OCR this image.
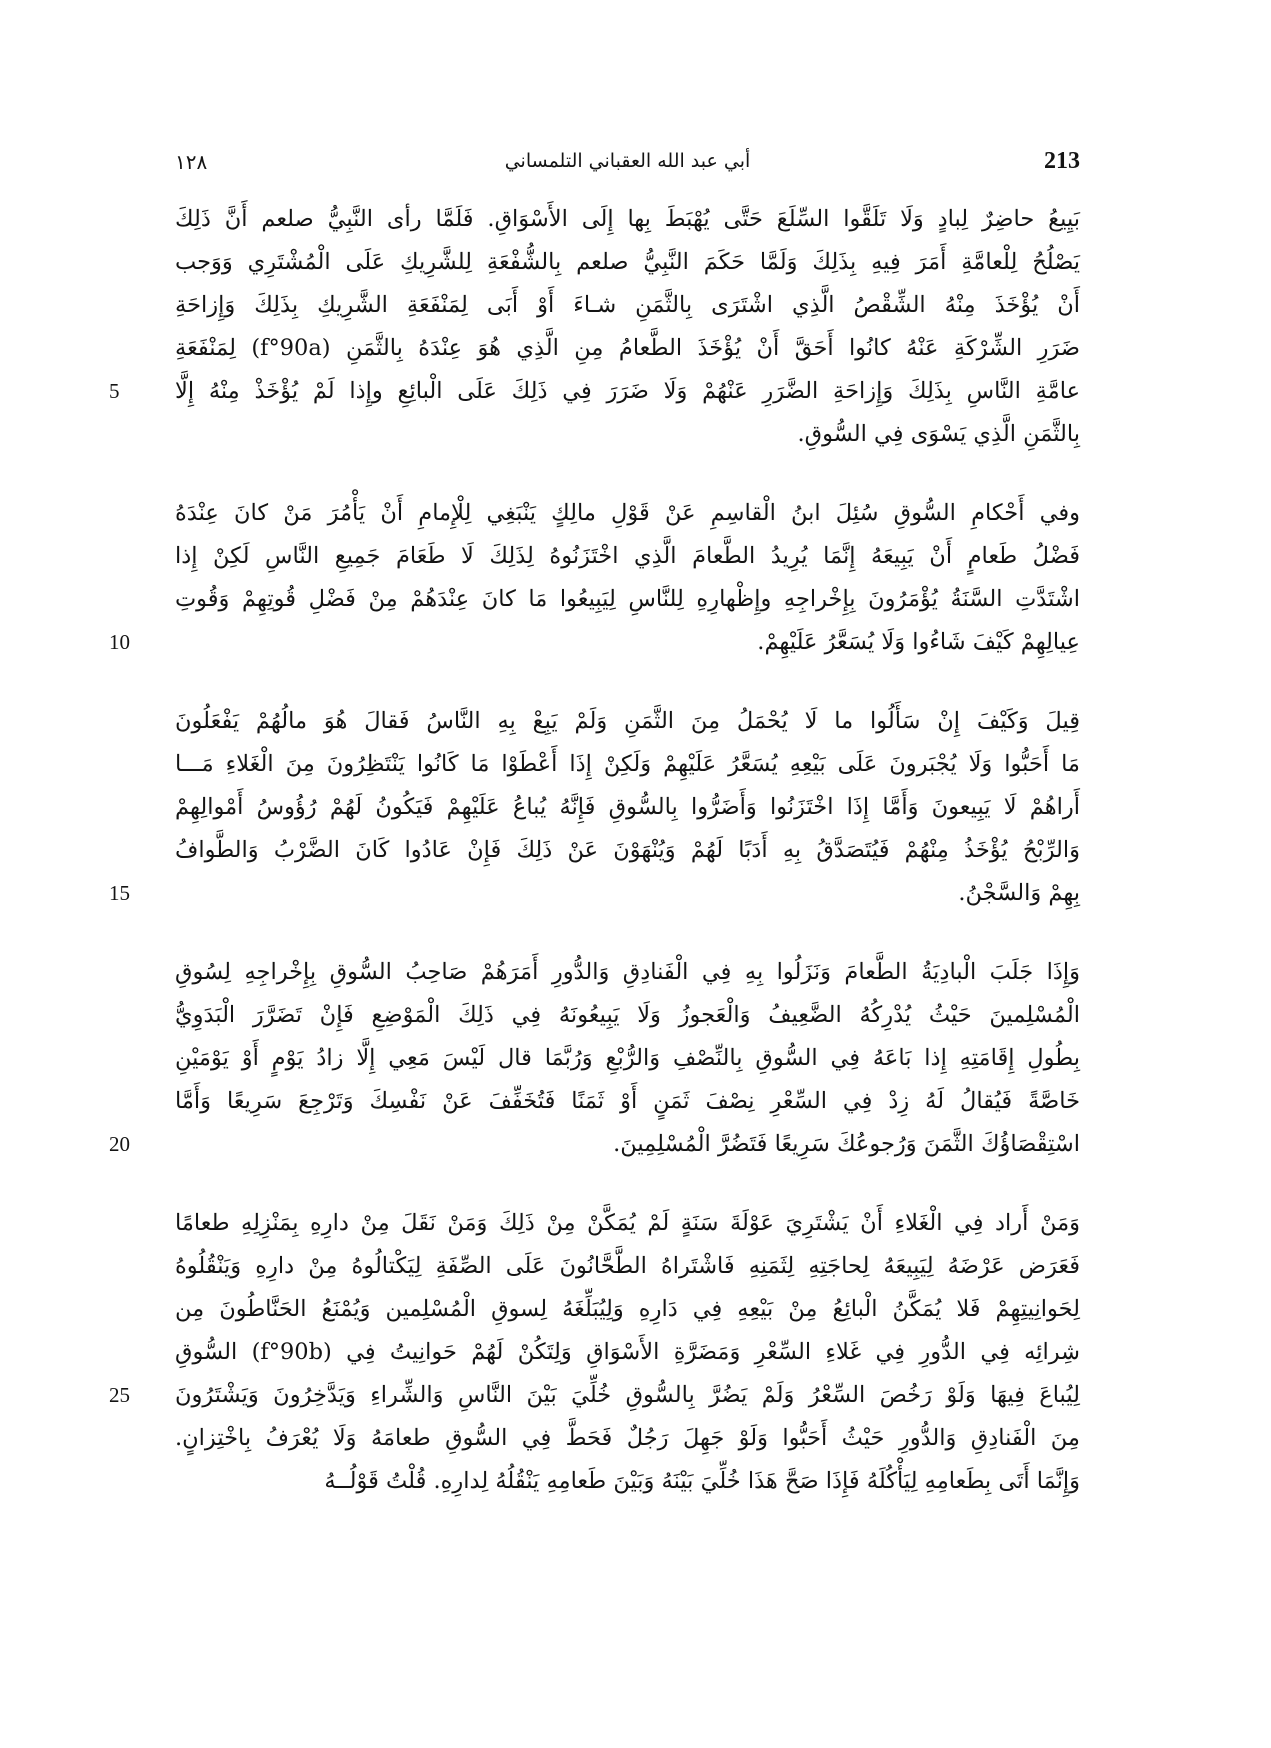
213
أبي عبد الله العقباني التلمساني
١٢٨
بَيِيعُ حاضِرٌ لِبادٍ وَلَا تَلَقَّوا السِّلَعَ حَتَّى يُهْبَطَ بِها إِلَى الأَسْوَاقِ. فَلَمَّا رأى النَّبِيُّ صلعم أَنَّ ذَلِكَ
يَصْلُحُ لِلْعامَّةِ أَمَرَ فِيهِ بِذَلِكَ وَلَمَّا حَكَمَ النَّبِيُّ صلعم بِالشُّفْعَةِ لِلشَّرِيكِ عَلَى الْمُشْتَرِي وَوَجب
أَنْ يُؤْخَذَ مِنْهُ الشِّقْصُ الَّذِي اشْتَرَى بِالثَّمَنِ شـاءَ أَوْ أَبَى لِمَنْفَعَةِ الشَّرِيكِ بِذَلِكَ وَإِزاحَةِ
ضَرَرِ الشِّرْكَةِ عَنْهُ كانُوا أَحَقَّ أَنْ يُؤْخَذَ الطَّعامُ مِنِ الَّذِي هُوَ عِنْدَهُ بِالثَّمَنِ (f°90a) لِمَنْفَعَةِ
عامَّةِ النَّاسِ بِذَلِكَ وَإِزاحَةِ الضَّرَرِ عَنْهُمْ وَلَا ضَرَرَ فِي ذَلِكَ عَلَى الْبائِعِ وإِذا لَمْ يُؤْخَذْ مِنْهُ إِلَّا
5
بِالثَّمَنِ الَّذِي يَسْوَى فِي السُّوقِ.
وفي أَحْكامِ السُّوقِ سُئِلَ ابنُ الْقاسِمِ عَنْ قَوْلِ مالِكٍ يَنْبَغِي لِلْإِمامِ أَنْ يَأْمُرَ مَنْ كانَ عِنْدَهُ
فَضْلُ طَعامٍ أَنْ يَبِيعَهُ إِنَّمَا يُرِيدُ الطَّعامَ الَّذِي اخْتَزَنُوهُ لِذَلِكَ لَا طَعَامَ جَمِيعِ النَّاسِ لَكِنْ إِذا
اشْتَدَّتِ السَّنَةُ يُؤْمَرُونَ بِإِخْراجِهِ وإِظْهارِهِ لِلنَّاسِ لِيَبِيعُوا مَا كانَ عِنْدَهُمْ مِنْ فَضْلِ قُوتِهِمْ وَقُوتِ
عِيالِهِمْ كَيْفَ شَاءُوا وَلَا يُسَعَّرُ عَلَيْهِمْ.
10
قِيلَ وَكَيْفَ إِنْ سَأَلُوا ما لَا يُحْمَلُ مِنَ الثَّمَنِ وَلَمْ يَبِعْ بِهِ النَّاسُ فَقالَ هُوَ مالُهُمْ يَفْعَلُونَ
مَا أَحَبُّوا وَلَا يُجْبَرونَ عَلَى بَيْعِهِ يُسَعَّرُ عَلَيْهِمْ وَلَكِنْ إِذَا أَعْطَوْا مَا كَانُوا يَنْتَظِرُونَ مِنَ الْغَلاءِ مَـــا
أَراهُمْ لَا يَبِيعونَ وَأَمَّا إِذَا اخْتَزَنُوا وَأَضَرُّوا بِالسُّوقِ فَإِنَّهُ يُباعُ عَلَيْهِمْ فَيَكُونُ لَهُمْ رُؤُوسُ أَمْوالِهِمْ
وَالرِّبْحُ يُؤْخَذُ مِنْهُمْ فَيُتَصَدَّقُ بِهِ أَدَبًا لَهُمْ وَيُنْهَوْنَ عَنْ ذَلِكَ فَإِنْ عَادُوا كَانَ الضَّرْبُ وَالطَّوافُ
بِهِمْ وَالسَّجْنُ.
15
وَإِذَا جَلَبَ الْبادِيَةُ الطَّعامَ وَنَزَلُوا بِهِ فِي الْفَنادِقِ وَالدُّورِ أَمَرَهُمْ صَاحِبُ السُّوقِ بِإِخْراجِهِ لِسُوقِ
الْمُسْلِمينَ حَيْثُ يُدْرِكُهُ الضَّعِيفُ وَالْعَجوزُ وَلَا يَبِيعُونَهُ فِي ذَلِكَ الْمَوْضِعِ فَإِنْ تَضَرَّرَ الْبَدَوِيُّ
بِطُولِ إِقَامَتِهِ إِذا بَاعَهُ فِي السُّوقِ بِالنِّصْفِ وَالرُّبْعِ وَرُبَّمَا قال لَيْسَ مَعِي إِلَّا زادُ يَوْمٍ أَوْ يَوْمَيْنِ
خَاصَّةً فَيُقالُ لَهُ زِدْ فِي السِّعْرِ نِصْفَ ثَمَنٍ أَوْ ثَمَنًا فَتُخَفِّفَ عَنْ نَفْسِكَ وَتَرْجِعَ سَرِيعًا وَأَمَّا
اسْتِقْصَاؤُكَ الثَّمَنَ وَرُجوعُكَ سَرِيعًا فَتَضُرَّ الْمُسْلِمِينَ.
20
وَمَنْ أَراد فِي الْغَلاءِ أَنْ يَشْتَرِيَ عَوْلَةَ سَنَةٍ لَمْ يُمَكَّنْ مِنْ ذَلِكَ وَمَنْ نَقَلَ مِنْ دارِهِ بِمَنْزِلِهِ طعامًا
فَعَرَض عَرْضَهُ لِيَبِيعَهُ لِحاجَتِهِ لِثَمَنِهِ فَاشْتَراهُ الطَّحَّانُونَ عَلَى الصِّفَةِ لِيَكْتالُوهُ مِنْ دارِهِ وَيَنْقُلُوهُ
لِحَوانِيتِهِمْ فَلا يُمَكَّنُ الْبائِعُ مِنْ بَيْعِهِ فِي دَارِهِ وَلِيُبَلِّغَهُ لِسوقِ الْمُسْلِمين وَيُمْنَعُ الحَنَّاطُونَ مِن
شِرائِه فِي الدُّورِ فِي غَلاءِ السِّعْرِ وَمَضَرَّةِ الأَسْوَاقِ وَلِتَكُنْ لَهُمْ حَوانِيتُ فِي (f°90b) السُّوقِ
لِيُباعَ فِيهَا وَلَوْ رَخُصَ السِّعْرُ وَلَمْ يَضُرَّ بِالسُّوقِ خُلِّيَ بَيْنَ النَّاسِ وَالشِّراءِ وَيَدَّخِرُونَ وَيَشْتَرُونَ
25
مِنَ الْفَنادِقِ وَالدُّورِ حَيْثُ أَحَبُّوا وَلَوْ جَهِلَ رَجُلٌ فَحَطَّ فِي السُّوقِ طعامَهُ وَلَا يُعْرَفُ بِاخْتِزانٍ.
وَإِنَّمَا أَتَى بِطَعامِهِ لِيَأْكُلَهُ فَإِذَا صَحَّ هَذَا خُلِّيَ بَيْنَهُ وَبَيْنَ طَعامِهِ يَنْقُلُهُ لِدارِهِ. قُلْتُ قَوْلُــهُ
